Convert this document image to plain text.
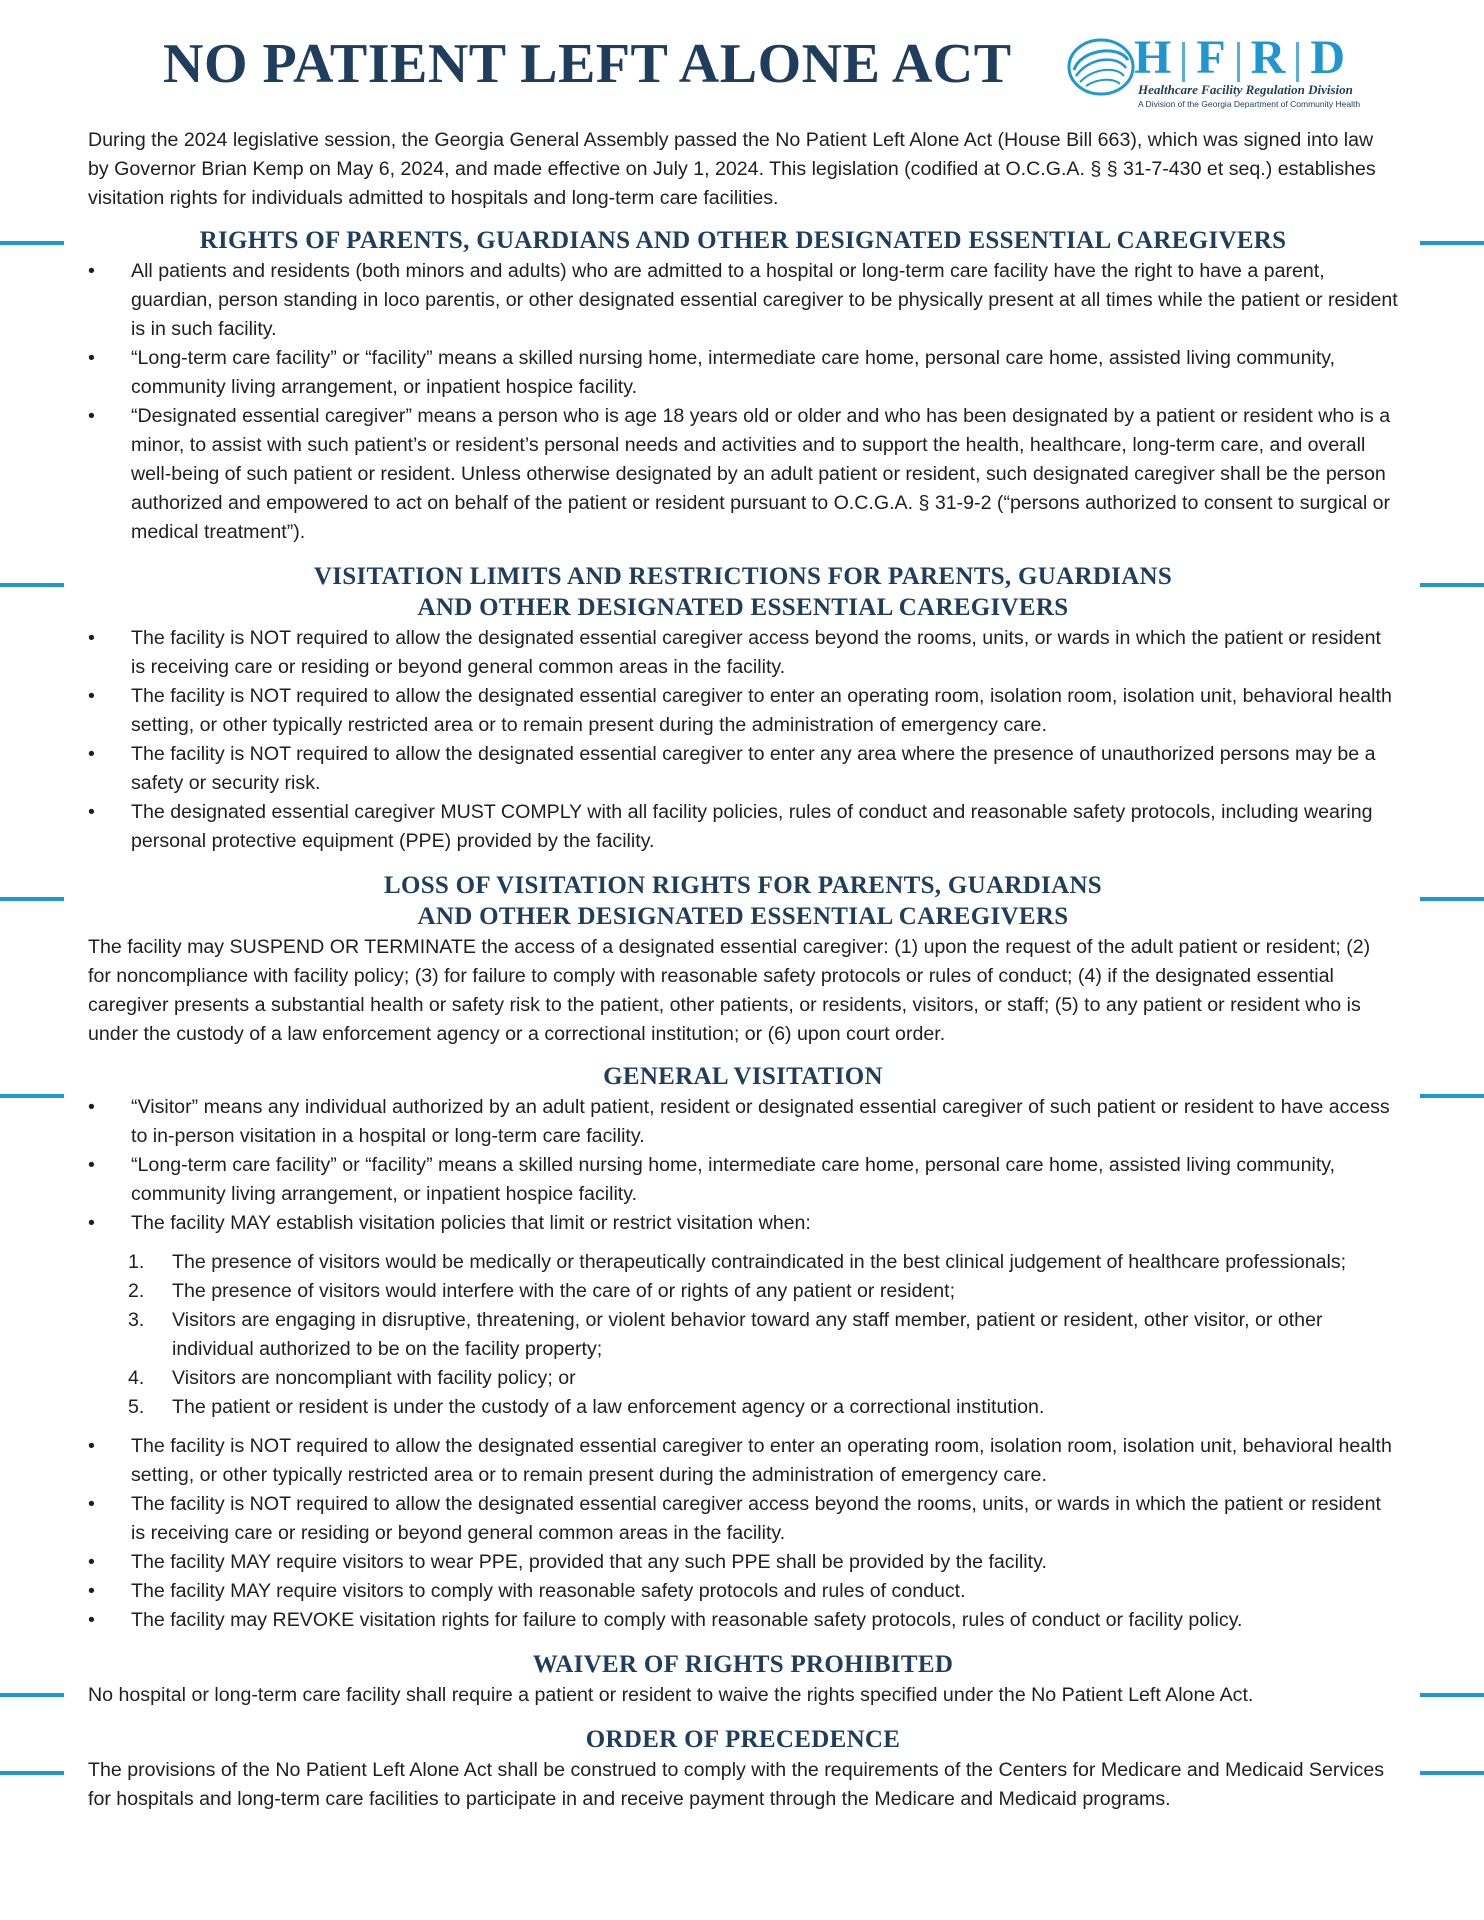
NO PATIENT LEFT ALONE ACT	H F R D
Healthcare Facility Regulation Division
A Division of the Georgia Department of Community Health

During the 2024 legislative session, the Georgia General Assembly passed the No Patient Left Alone Act (House Bill 663), which was signed into law by Governor Brian Kemp on May 6, 2024, and made effective on July 1, 2024. This legislation (codified at O.C.G.A. § § 31-7-430 et seq.) establishes visitation rights for individuals admitted to hospitals and long-term care facilities.

RIGHTS OF PARENTS, GUARDIANS AND OTHER DESIGNATED ESSENTIAL CAREGIVERS
• All patients and residents (both minors and adults) who are admitted to a hospital or long-term care facility have the right to have a parent, guardian, person standing in loco parentis, or other designated essential caregiver to be physically present at all times while the patient or resident is in such facility.
• “Long-term care facility” or “facility” means a skilled nursing home, intermediate care home, personal care home, assisted living community, community living arrangement, or inpatient hospice facility.
• “Designated essential caregiver” means a person who is age 18 years old or older and who has been designated by a patient or resident who is a minor, to assist with such patient’s or resident’s personal needs and activities and to support the health, healthcare, long-term care, and overall well-being of such patient or resident. Unless otherwise designated by an adult patient or resident, such designated caregiver shall be the person authorized and empowered to act on behalf of the patient or resident pursuant to O.C.G.A. § 31-9-2 (“persons authorized to consent to surgical or medical treatment”).
VISITATION LIMITS AND RESTRICTIONS FOR PARENTS, GUARDIANS
AND OTHER DESIGNATED ESSENTIAL CAREGIVERS
• The facility is NOT required to allow the designated essential caregiver access beyond the rooms, units, or wards in which the patient or resident is receiving care or residing or beyond general common areas in the facility.
• The facility is NOT required to allow the designated essential caregiver to enter an operating room, isolation room, isolation unit, behavioral health setting, or other typically restricted area or to remain present during the administration of emergency care.
• The facility is NOT required to allow the designated essential caregiver to enter any area where the presence of unauthorized persons may be a safety or security risk.
• The designated essential caregiver MUST COMPLY with all facility policies, rules of conduct and reasonable safety protocols, including wearing personal protective equipment (PPE) provided by the facility.
LOSS OF VISITATION RIGHTS FOR PARENTS, GUARDIANS
AND OTHER DESIGNATED ESSENTIAL CAREGIVERS

The facility may SUSPEND OR TERMINATE the access of a designated essential caregiver: (1) upon the request of the adult patient or resident; (2) for noncompliance with facility policy; (3) for failure to comply with reasonable safety protocols or rules of conduct; (4) if the designated essential caregiver presents a substantial health or safety risk to the patient, other patients, or residents, visitors, or staff; (5) to any patient or resident who is under the custody of a law enforcement agency or a correctional institution; or (6) upon court order.

GENERAL VISITATION
• “Visitor” means any individual authorized by an adult patient, resident or designated essential caregiver of such patient or resident to have access to in-person visitation in a hospital or long-term care facility.
• “Long-term care facility” or “facility” means a skilled nursing home, intermediate care home, personal care home, assisted living community, community living arrangement, or inpatient hospice facility.
• The facility MAY establish visitation policies that limit or restrict visitation when:
1. The presence of visitors would be medically or therapeutically contraindicated in the best clinical judgement of healthcare professionals;
2. The presence of visitors would interfere with the care of or rights of any patient or resident;
3. Visitors are engaging in disruptive, threatening, or violent behavior toward any staff member, patient or resident, other visitor, or other individual authorized to be on the facility property;
4. Visitors are noncompliant with facility policy; or
5. The patient or resident is under the custody of a law enforcement agency or a correctional institution.
• The facility is NOT required to allow the designated essential caregiver to enter an operating room, isolation room, isolation unit, behavioral health setting, or other typically restricted area or to remain present during the administration of emergency care.
• The facility is NOT required to allow the designated essential caregiver access beyond the rooms, units, or wards in which the patient or resident is receiving care or residing or beyond general common areas in the facility.
• The facility MAY require visitors to wear PPE, provided that any such PPE shall be provided by the facility.
• The facility MAY require visitors to comply with reasonable safety protocols and rules of conduct.
• The facility may REVOKE visitation rights for failure to comply with reasonable safety protocols, rules of conduct or facility policy.
WAIVER OF RIGHTS PROHIBITED

No hospital or long-term care facility shall require a patient or resident to waive the rights specified under the No Patient Left Alone Act.

ORDER OF PRECEDENCE

The provisions of the No Patient Left Alone Act shall be construed to comply with the requirements of the Centers for Medicare and Medicaid Services for hospitals and long-term care facilities to participate in and receive payment through the Medicare and Medicaid programs.
